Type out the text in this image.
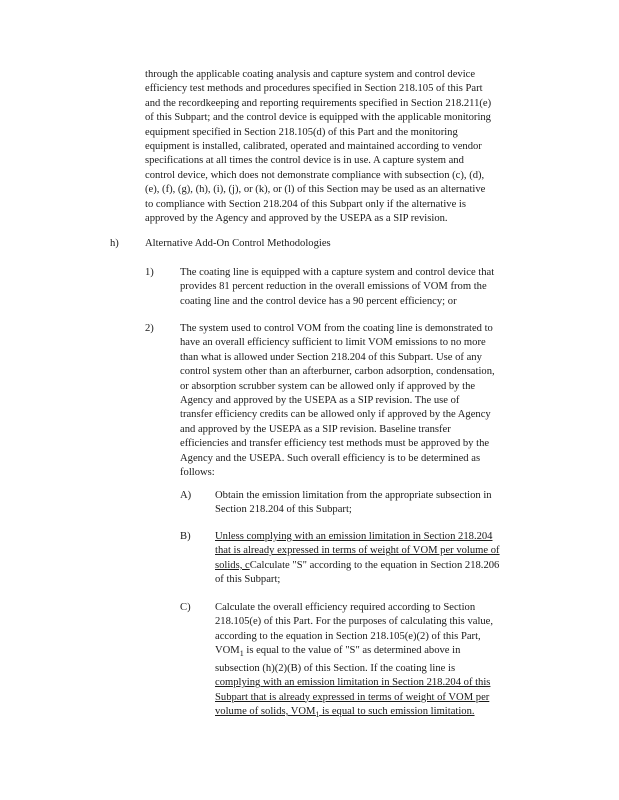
through the applicable coating analysis and capture system and control device
efficiency test methods and procedures specified in Section 218.105 of this Part
and the recordkeeping and reporting requirements specified in Section 218.211(e)
of this Subpart; and the control device is equipped with the applicable monitoring
equipment specified in Section 218.105(d) of this Part and the monitoring
equipment is installed, calibrated, operated and maintained according to vendor
specifications at all times the control device is in use. A capture system and
control device, which does not demonstrate compliance with subsection (c), (d),
(e), (f), (g), (h), (i), (j), or (k), or (l) of this Section may be used as an alternative
to compliance with Section 218.204 of this Subpart only if the alternative is
approved by the Agency and approved by the USEPA as a SIP revision.
h) Alternative Add-On Control Methodologies
1) The coating line is equipped with a capture system and control device that
provides 81 percent reduction in the overall emissions of VOM from the
coating line and the control device has a 90 percent efficiency; or
2) The system used to control VOM from the coating line is demonstrated to
have an overall efficiency sufficient to limit VOM emissions to no more
than what is allowed under Section 218.204 of this Subpart. Use of any
control system other than an afterburner, carbon adsorption, condensation,
or absorption scrubber system can be allowed only if approved by the
Agency and approved by the USEPA as a SIP revision. The use of
transfer efficiency credits can be allowed only if approved by the Agency
and approved by the USEPA as a SIP revision. Baseline transfer
efficiencies and transfer efficiency test methods must be approved by the
Agency and the USEPA. Such overall efficiency is to be determined as
follows:
A) Obtain the emission limitation from the appropriate subsection in
Section 218.204 of this Subpart;
B) Unless complying with an emission limitation in Section 218.204
that is already expressed in terms of weight of VOM per volume of
solids, cCalculate "S" according to the equation in Section 218.206
of this Subpart;
C) Calculate the overall efficiency required according to Section
218.105(e) of this Part. For the purposes of calculating this value,
according to the equation in Section 218.105(e)(2) of this Part,
$VOM_1$ is equal to the value of "S" as determined above in
subsection (h)(2)(B) of this Section. If the coating line is
complying with an emission limitation in Section 218.204 of this
Subpart that is already expressed in terms of weight of VOM per
volume of solids, $VOM_1$ is equal to such emission limitation.
